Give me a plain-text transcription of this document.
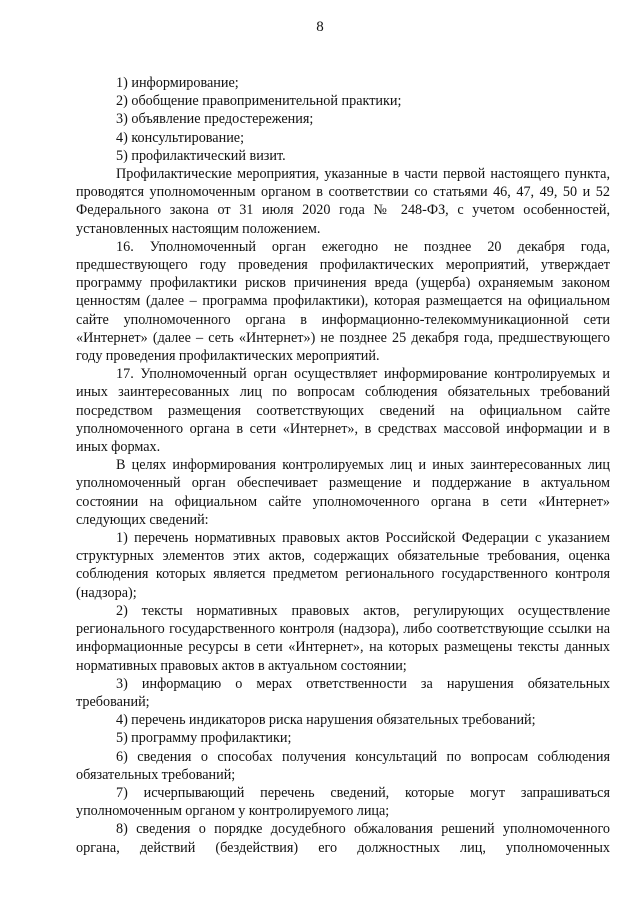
8

1) информирование;

2) обобщение правоприменительной практики;

3) объявление предостережения;

4) консультирование;

5) профилактический визит.

Профилактические мероприятия, указанные в части первой настоящего пункта, проводятся уполномоченным органом в соответствии со статьями 46, 47, 49, 50 и 52 Федерального закона от 31 июля 2020 года № 248-ФЗ, с учетом особенностей, установленных настоящим положением.

16. Уполномоченный орган ежегодно не позднее 20 декабря года, предшествующего году проведения профилактических мероприятий, утверждает программу профилактики рисков причинения вреда (ущерба) охраняемым законом ценностям (далее – программа профилактики), которая размещается на официальном сайте уполномоченного органа в информационно-телекоммуникационной сети «Интернет» (далее – сеть «Интернет») не позднее 25 декабря года, предшествующего году проведения профилактических мероприятий.

17. Уполномоченный орган осуществляет информирование контролируемых и иных заинтересованных лиц по вопросам соблюдения обязательных требований посредством размещения соответствующих сведений на официальном сайте уполномоченного органа в сети «Интернет», в средствах массовой информации и в иных формах.

В целях информирования контролируемых лиц и иных заинтересованных лиц уполномоченный орган обеспечивает размещение и поддержание в актуальном состоянии на официальном сайте уполномоченного органа в сети «Интернет» следующих сведений:

1) перечень нормативных правовых актов Российской Федерации с указанием структурных элементов этих актов, содержащих обязательные требования, оценка соблюдения которых является предметом регионального государственного контроля (надзора);

2) тексты нормативных правовых актов, регулирующих осуществление регионального государственного контроля (надзора), либо соответствующие ссылки на информационные ресурсы в сети «Интернет», на которых размещены тексты данных нормативных правовых актов в актуальном состоянии;

3) информацию о мерах ответственности за нарушения обязательных требований;

4) перечень индикаторов риска нарушения обязательных требований;

5) программу профилактики;

6) сведения о способах получения консультаций по вопросам соблюдения обязательных требований;

7) исчерпывающий перечень сведений, которые могут запрашиваться уполномоченным органом у контролируемого лица;

8) сведения о порядке досудебного обжалования решений уполномоченного органа, действий (бездействия) его должностных лиц, уполномоченных
